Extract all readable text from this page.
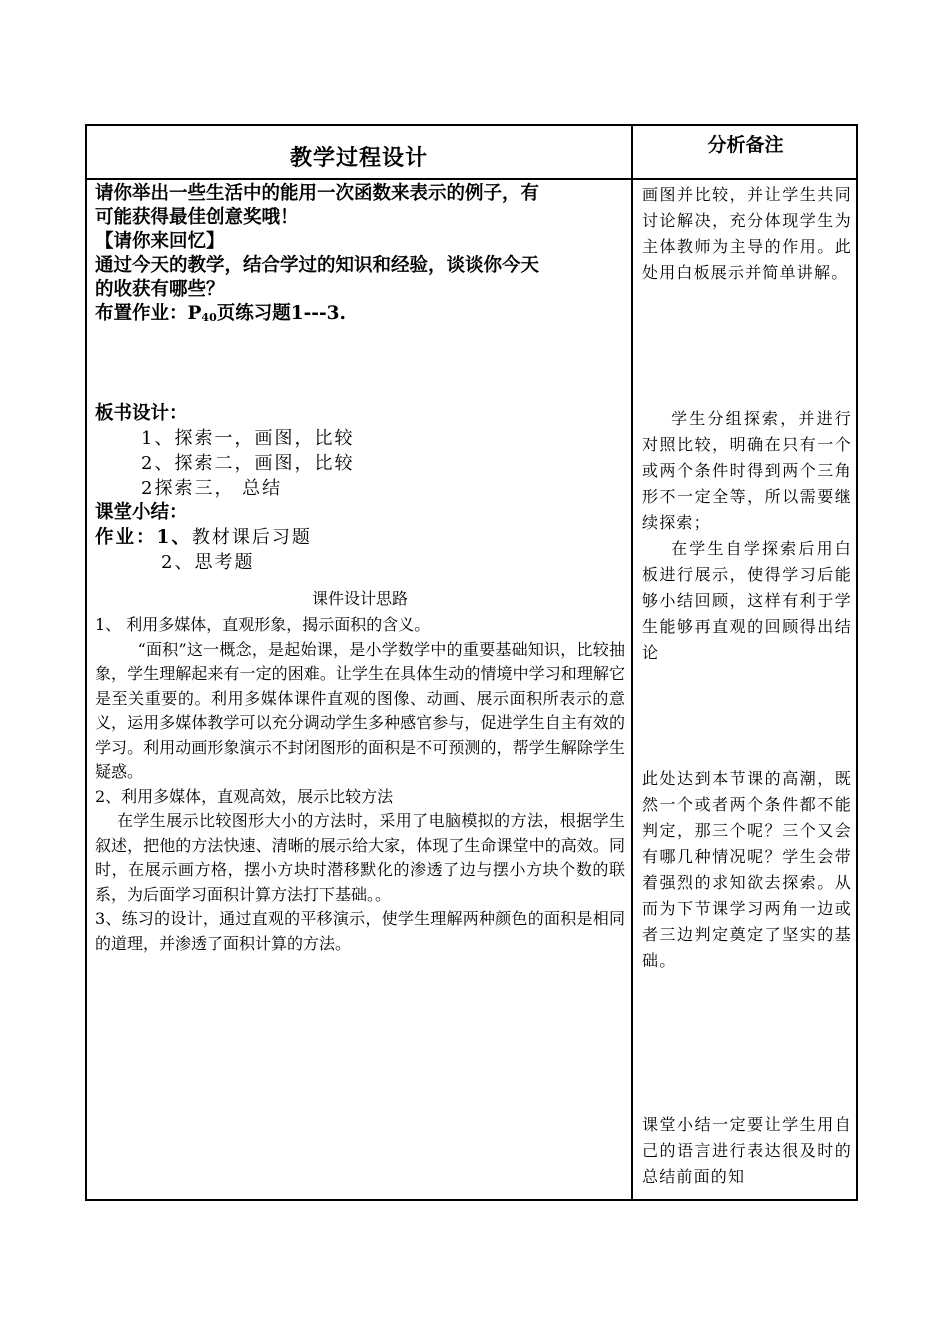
教学过程设计	分析备注

请你举出一些生活中的能用一次函数来表示的例子，有

可能获得最佳创意奖哦！

【请你来回忆】

通过今天的教学，结合学过的知识和经验，谈谈你今天

的收获有哪些？

布置作业：P40页练习题1---3.

板书设计：

1、探索一，画图，比较

2、探索二，画图，比较

2探索三， 总结

课堂小结：

作业：1、教材课后习题

2、思考题

课件设计思路

1、 利用多媒体，直观形象，揭示面积的含义。

“面积”这一概念，是起始课，是小学数学中的重要基础知识，比较抽象，学生理解起来有一定的困难。让学生在具体生动的情境中学习和理解它是至关重要的。利用多媒体课件直观的图像、动画、展示面积所表示的意义，运用多媒体教学可以充分调动学生多种感官参与，促进学生自主有效的学习。利用动画形象演示不封闭图形的面积是不可预测的，帮学生解除学生疑惑。

2、利用多媒体，直观高效，展示比较方法

在学生展示比较图形大小的方法时，采用了电脑模拟的方法，根据学生叙述，把他的方法快速、清晰的展示给大家，体现了生命课堂中的高效。同时，在展示画方格，摆小方块时潜移默化的渗透了边与摆小方块个数的联系，为后面学习面积计算方法打下基础。。

3、练习的设计，通过直观的平移演示，使学生理解两种颜色的面积是相同的道理，并渗透了面积计算的方法。

画图并比较，并让学生共同讨论解决，充分体现学生为主体教师为主导的作用。此处用白板展示并简单讲解。

学生分组探索，并进行对照比较，明确在只有一个或两个条件时得到两个三角形不一定全等，所以需要继续探索；

在学生自学探索后用白板进行展示，使得学习后能够小结回顾，这样有利于学生能够再直观的回顾得出结论

此处达到本节课的高潮，既然一个或者两个条件都不能判定，那三个呢？三个又会有哪几种情况呢？学生会带着强烈的求知欲去探索。从而为下节课学习两角一边或者三边判定奠定了坚实的基础。

课堂小结一定要让学生用自己的语言进行表达很及时的总结前面的知
